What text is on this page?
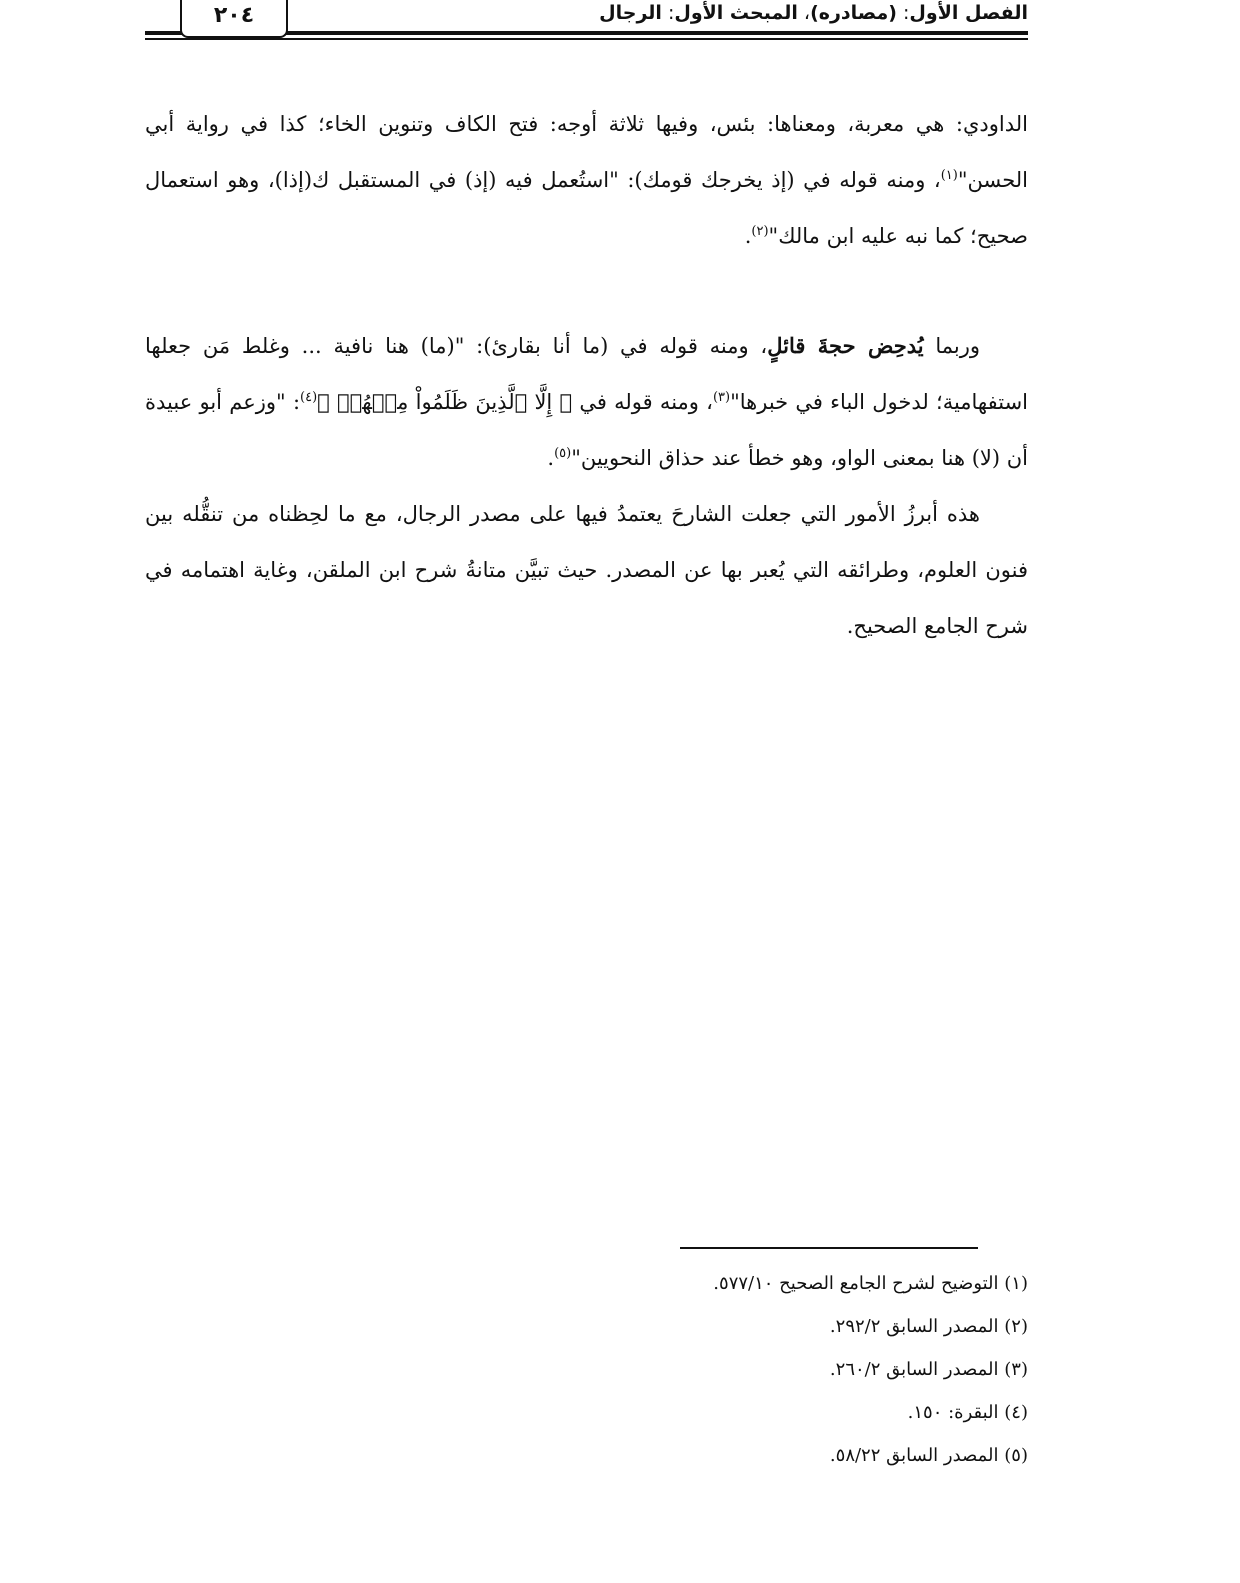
الفصل الأول: (مصادره)، المبحث الأول: الرجال
٢٠٤

الداودي: هي معربة، ومعناها: بئس، وفيها ثلاثة أوجه: فتح الكاف وتنوين الخاء؛ كذا في رواية أبي الحسن"$^{(١)}$، ومنه قوله في (إذ يخرجك قومك): "استُعمل فيه (إذ) في المستقبل ك(إذا)، وهو استعمال صحيح؛ كما نبه عليه ابن مالك"$^{(٢)}$.

وربما يُدحِض حجةَ قائلٍ، ومنه قوله في (ما أنا بقارئ): "(ما) هنا نافية ... وغلط مَن جعلها استفهامية؛ لدخول الباء في خبرها"$^{(٣)}$، ومنه قوله في ﴿ إِلَّا ٱلَّذِينَ ظَلَمُواْ مِنۡهُمۡ ﴾$^{(٤)}$: "وزعم أبو عبيدة أن (لا) هنا بمعنى الواو، وهو خطأ عند حذاق النحويين"$^{(٥)}$.

هذه أبرزُ الأمور التي جعلت الشارحَ يعتمدُ فيها على مصدر الرجال، مع ما لحِظناه من تنقُّله بين فنون العلوم، وطرائقه التي يُعبر بها عن المصدر. حيث تبيَّن متانةُ شرح ابن الملقن، وغاية اهتمامه في شرح الجامع الصحيح.

(١) التوضيح لشرح الجامع الصحيح ٥٧٧/١٠.
(٢) المصدر السابق ٢٩٢/٢.
(٣) المصدر السابق ٢٦٠/٢.
(٤) البقرة: ١٥٠.
(٥) المصدر السابق ٥٨/٢٢.
